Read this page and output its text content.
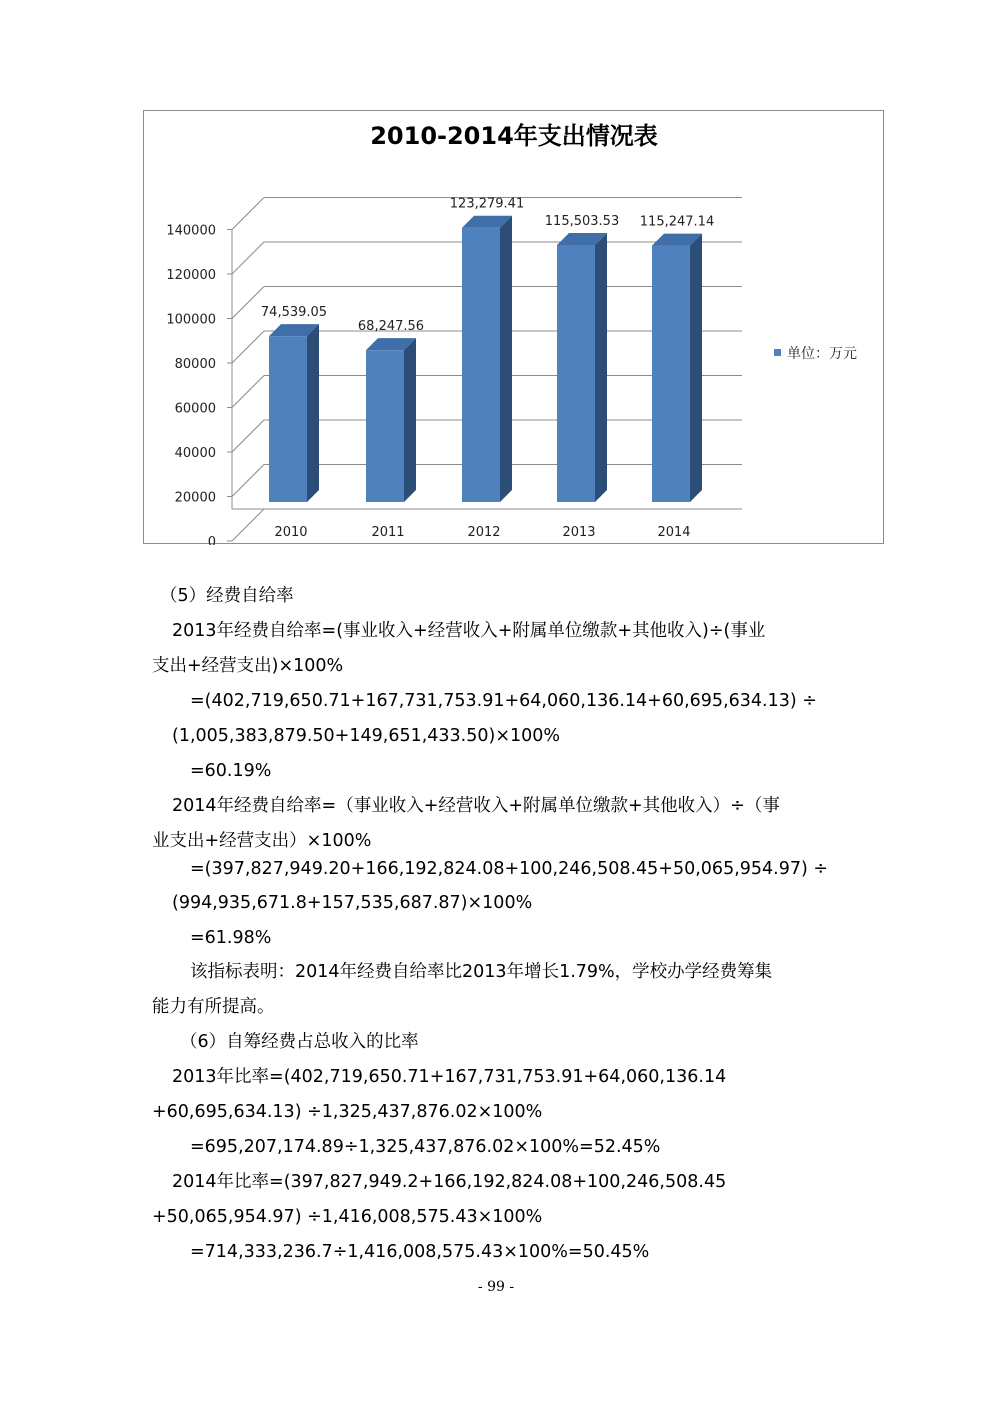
2010-2014年支出情况表
0
20000
40000
60000
80000
100000
120000
140000
74,539.05
2010
68,247.56
2011
123,279.41
2012
115,503.53
2013
115,247.14
2014
单位：万元
（5）经费自给率
2013年经费自给率=(事业收入+经营收入+附属单位缴款+其他收入)÷(事业
支出+经营支出)×100%
=(402,719,650.71+167,731,753.91+64,060,136.14+60,695,634.13) ÷
(1,005,383,879.50+149,651,433.50)×100%
=60.19%
2014年经费自给率=（事业收入+经营收入+附属单位缴款+其他收入）÷（事
业支出+经营支出）×100%
=(397,827,949.20+166,192,824.08+100,246,508.45+50,065,954.97) ÷
(994,935,671.8+157,535,687.87)×100%
=61.98%
该指标表明：2014年经费自给率比2013年增长1.79%，学校办学经费筹集
能力有所提高。
（6）自筹经费占总收入的比率
2013年比率=(402,719,650.71+167,731,753.91+64,060,136.14
+60,695,634.13) ÷1,325,437,876.02×100%
=695,207,174.89÷1,325,437,876.02×100%=52.45%
2014年比率=(397,827,949.2+166,192,824.08+100,246,508.45
+50,065,954.97) ÷1,416,008,575.43×100%
=714,333,236.7÷1,416,008,575.43×100%=50.45%
- 99 -
